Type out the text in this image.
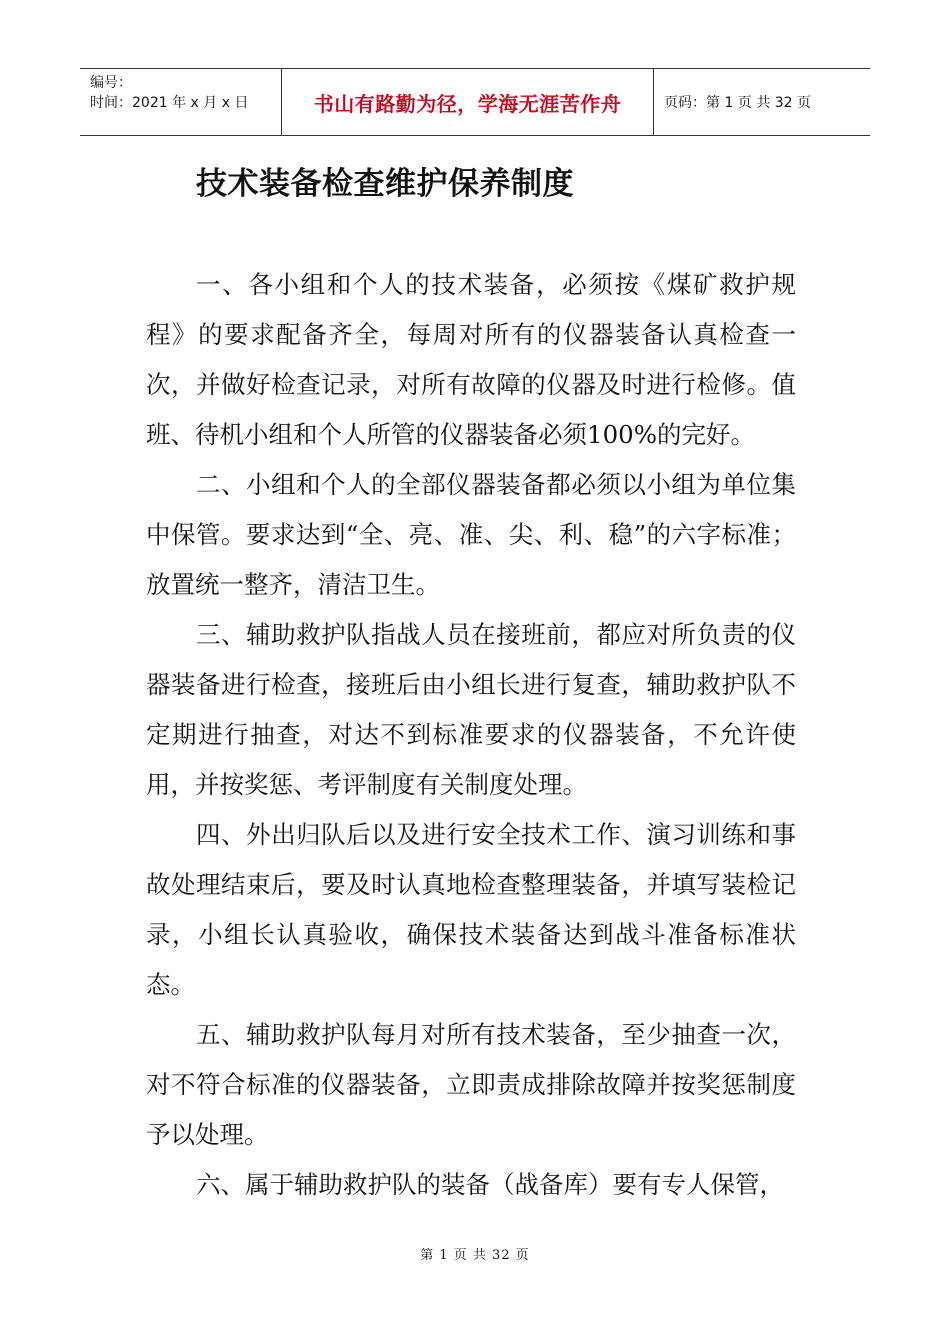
编号：
时间：2021 年 x 月 x 日	书山有路勤为径，学海无涯苦作舟	页码：第 1 页 共 32 页
技术装备检查维护保养制度

一、各小组和个人的技术装备，必须按《煤矿救护规程》的要求配备齐全，每周对所有的仪器装备认真检查一次，并做好检查记录，对所有故障的仪器及时进行检修。值班、待机小组和个人所管的仪器装备必须100%的完好。

二、小组和个人的全部仪器装备都必须以小组为单位集中保管。要求达到“全、亮、准、尖、利、稳”的六字标准；放置统一整齐，清洁卫生。

三、辅助救护队指战人员在接班前，都应对所负责的仪器装备进行检查，接班后由小组长进行复查，辅助救护队不定期进行抽查，对达不到标准要求的仪器装备，不允许使用，并按奖惩、考评制度有关制度处理。

四、外出归队后以及进行安全技术工作、演习训练和事故处理结束后，要及时认真地检查整理装备，并填写装检记录，小组长认真验收，确保技术装备达到战斗准备标准状态。

五、辅助救护队每月对所有技术装备，至少抽查一次，对不符合标准的仪器装备，立即责成排除故障并按奖惩制度予以处理。

六、属于辅助救护队的装备（战备库）要有专人保管，

第 1 页 共 32 页
